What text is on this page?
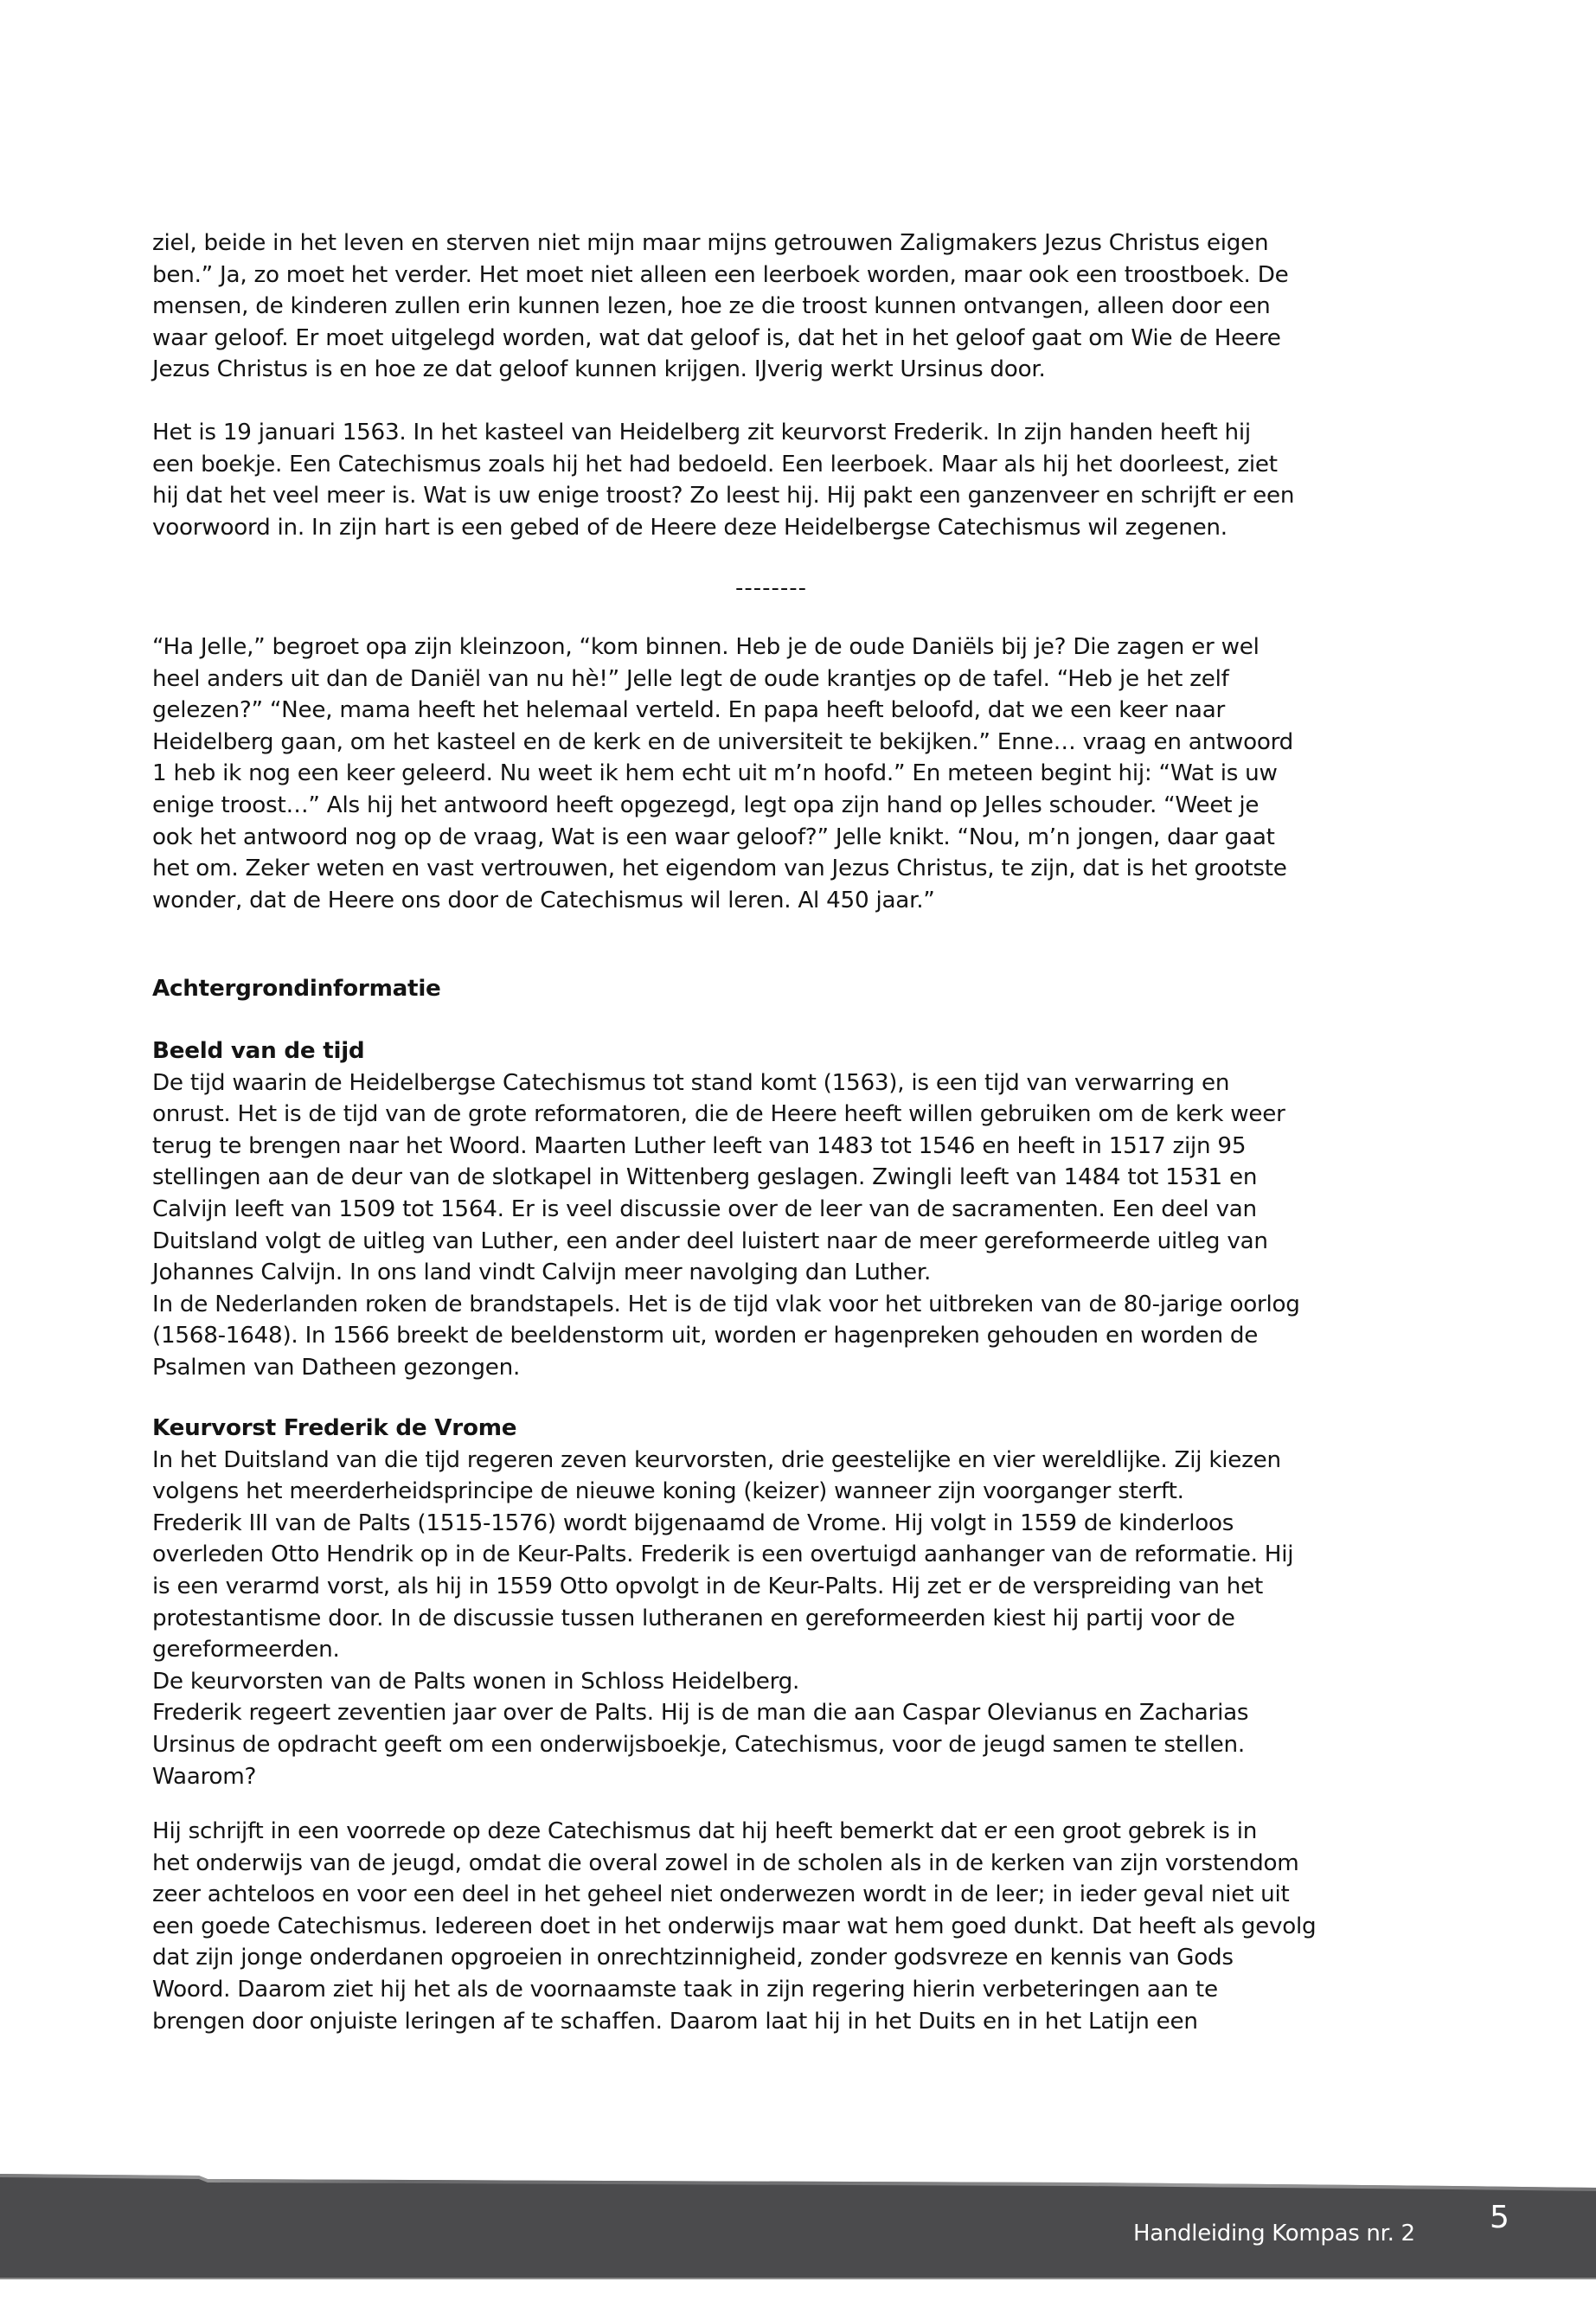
ziel, beide in het leven en sterven niet mijn maar mijns getrouwen Zaligmakers Jezus Christus eigen
ben.” Ja, zo moet het verder. Het moet niet alleen een leerboek worden, maar ook een troostboek. De
mensen, de kinderen zullen erin kunnen lezen, hoe ze die troost kunnen ontvangen, alleen door een
waar geloof. Er moet uitgelegd worden, wat dat geloof is, dat het in het geloof gaat om Wie de Heere
Jezus Christus is en hoe ze dat geloof kunnen krijgen. IJverig werkt Ursinus door.
Het is 19 januari 1563. In het kasteel van Heidelberg zit keurvorst Frederik. In zijn handen heeft hij
een boekje. Een Catechismus zoals hij het had bedoeld. Een leerboek. Maar als hij het doorleest, ziet
hij dat het veel meer is. Wat is uw enige troost? Zo leest hij. Hij pakt een ganzenveer en schrijft er een
voorwoord in. In zijn hart is een gebed of de Heere deze Heidelbergse Catechismus wil zegenen.
--------
“Ha Jelle,” begroet opa zijn kleinzoon, “kom binnen. Heb je de oude Daniëls bij je? Die zagen er wel
heel anders uit dan de Daniël van nu hè!” Jelle legt de oude krantjes op de tafel. “Heb je het zelf
gelezen?” “Nee, mama heeft het helemaal verteld. En papa heeft beloofd, dat we een keer naar
Heidelberg gaan, om het kasteel en de kerk en de universiteit te bekijken.” Enne… vraag en antwoord
1 heb ik nog een keer geleerd. Nu weet ik hem echt uit m’n hoofd.” En meteen begint hij: “Wat is uw
enige troost…” Als hij het antwoord heeft opgezegd, legt opa zijn hand op Jelles schouder. “Weet je
ook het antwoord nog op de vraag, Wat is een waar geloof?” Jelle knikt. “Nou, m’n jongen, daar gaat
het om. Zeker weten en vast vertrouwen, het eigendom van Jezus Christus, te zijn, dat is het grootste
wonder, dat de Heere ons door de Catechismus wil leren. Al 450 jaar.”
Achtergrondinformatie
Beeld van de tijd
De tijd waarin de Heidelbergse Catechismus tot stand komt (1563), is een tijd van verwarring en
onrust. Het is de tijd van de grote reformatoren, die de Heere heeft willen gebruiken om de kerk weer
terug te brengen naar het Woord. Maarten Luther leeft van 1483 tot 1546 en heeft in 1517 zijn 95
stellingen aan de deur van de slotkapel in Wittenberg geslagen. Zwingli leeft van 1484 tot 1531 en
Calvijn leeft van 1509 tot 1564. Er is veel discussie over de leer van de sacramenten. Een deel van
Duitsland volgt de uitleg van Luther, een ander deel luistert naar de meer gereformeerde uitleg van
Johannes Calvijn. In ons land vindt Calvijn meer navolging dan Luther.
In de Nederlanden roken de brandstapels. Het is de tijd vlak voor het uitbreken van de 80-jarige oorlog
(1568-1648). In 1566 breekt de beeldenstorm uit, worden er hagenpreken gehouden en worden de
Psalmen van Datheen gezongen.
Keurvorst Frederik de Vrome
In het Duitsland van die tijd regeren zeven keurvorsten, drie geestelijke en vier wereldlijke. Zij kiezen
volgens het meerderheidsprincipe de nieuwe koning (keizer) wanneer zijn voorganger sterft.
Frederik III van de Palts (1515-1576) wordt bijgenaamd de Vrome. Hij volgt in 1559 de kinderloos
overleden Otto Hendrik op in de Keur-Palts. Frederik is een overtuigd aanhanger van de reformatie. Hij
is een verarmd vorst, als hij in 1559 Otto opvolgt in de Keur-Palts. Hij zet er de verspreiding van het
protestantisme door. In de discussie tussen lutheranen en gereformeerden kiest hij partij voor de
gereformeerden.
De keurvorsten van de Palts wonen in Schloss Heidelberg.
Frederik regeert zeventien jaar over de Palts. Hij is de man die aan Caspar Olevianus en Zacharias
Ursinus de opdracht geeft om een onderwijsboekje, Catechismus, voor de jeugd samen te stellen.
Waarom?
Hij schrijft in een voorrede op deze Catechismus dat hij heeft bemerkt dat er een groot gebrek is in
het onderwijs van de jeugd, omdat die overal zowel in de scholen als in de kerken van zijn vorstendom
zeer achteloos en voor een deel in het geheel niet onderwezen wordt in de leer; in ieder geval niet uit
een goede Catechismus. Iedereen doet in het onderwijs maar wat hem goed dunkt. Dat heeft als gevolg
dat zijn jonge onderdanen opgroeien in onrechtzinnigheid, zonder godsvreze en kennis van Gods
Woord. Daarom ziet hij het als de voornaamste taak in zijn regering hierin verbeteringen aan te
brengen door onjuiste leringen af te schaffen. Daarom laat hij in het Duits en in het Latijn een
Handleiding Kompas nr. 2 5
